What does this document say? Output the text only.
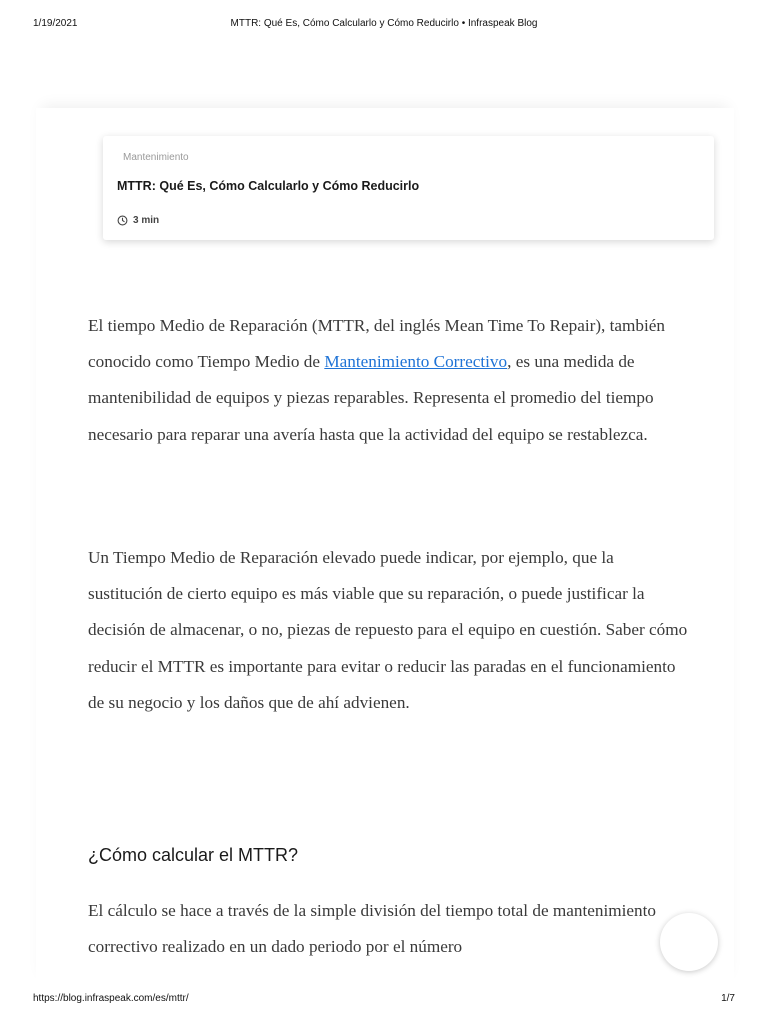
1/19/2021	MTTR: Qué Es, Cómo Calcularlo y Cómo Reducirlo • Infraspeak Blog
Mantenimiento
MTTR: Qué Es, Cómo Calcularlo y Cómo Reducirlo
3 min

El tiempo Medio de Reparación (MTTR, del inglés Mean Time To Repair), también conocido como Tiempo Medio de Mantenimiento Correctivo, es una medida de mantenibilidad de equipos y piezas reparables. Representa el promedio del tiempo necesario para reparar una avería hasta que la actividad del equipo se restablezca.

Un Tiempo Medio de Reparación elevado puede indicar, por ejemplo, que la sustitución de cierto equipo es más viable que su reparación, o puede justificar la decisión de almacenar, o no, piezas de repuesto para el equipo en cuestión. Saber cómo reducir el MTTR es importante para evitar o reducir las paradas en el funcionamiento de su negocio y los daños que de ahí advienen.

¿Cómo calcular el MTTR?

El cálculo se hace a través de la simple división del tiempo total de mantenimiento correctivo realizado en un dado periodo por el número

https://blog.infraspeak.com/es/mttr/	1/7
